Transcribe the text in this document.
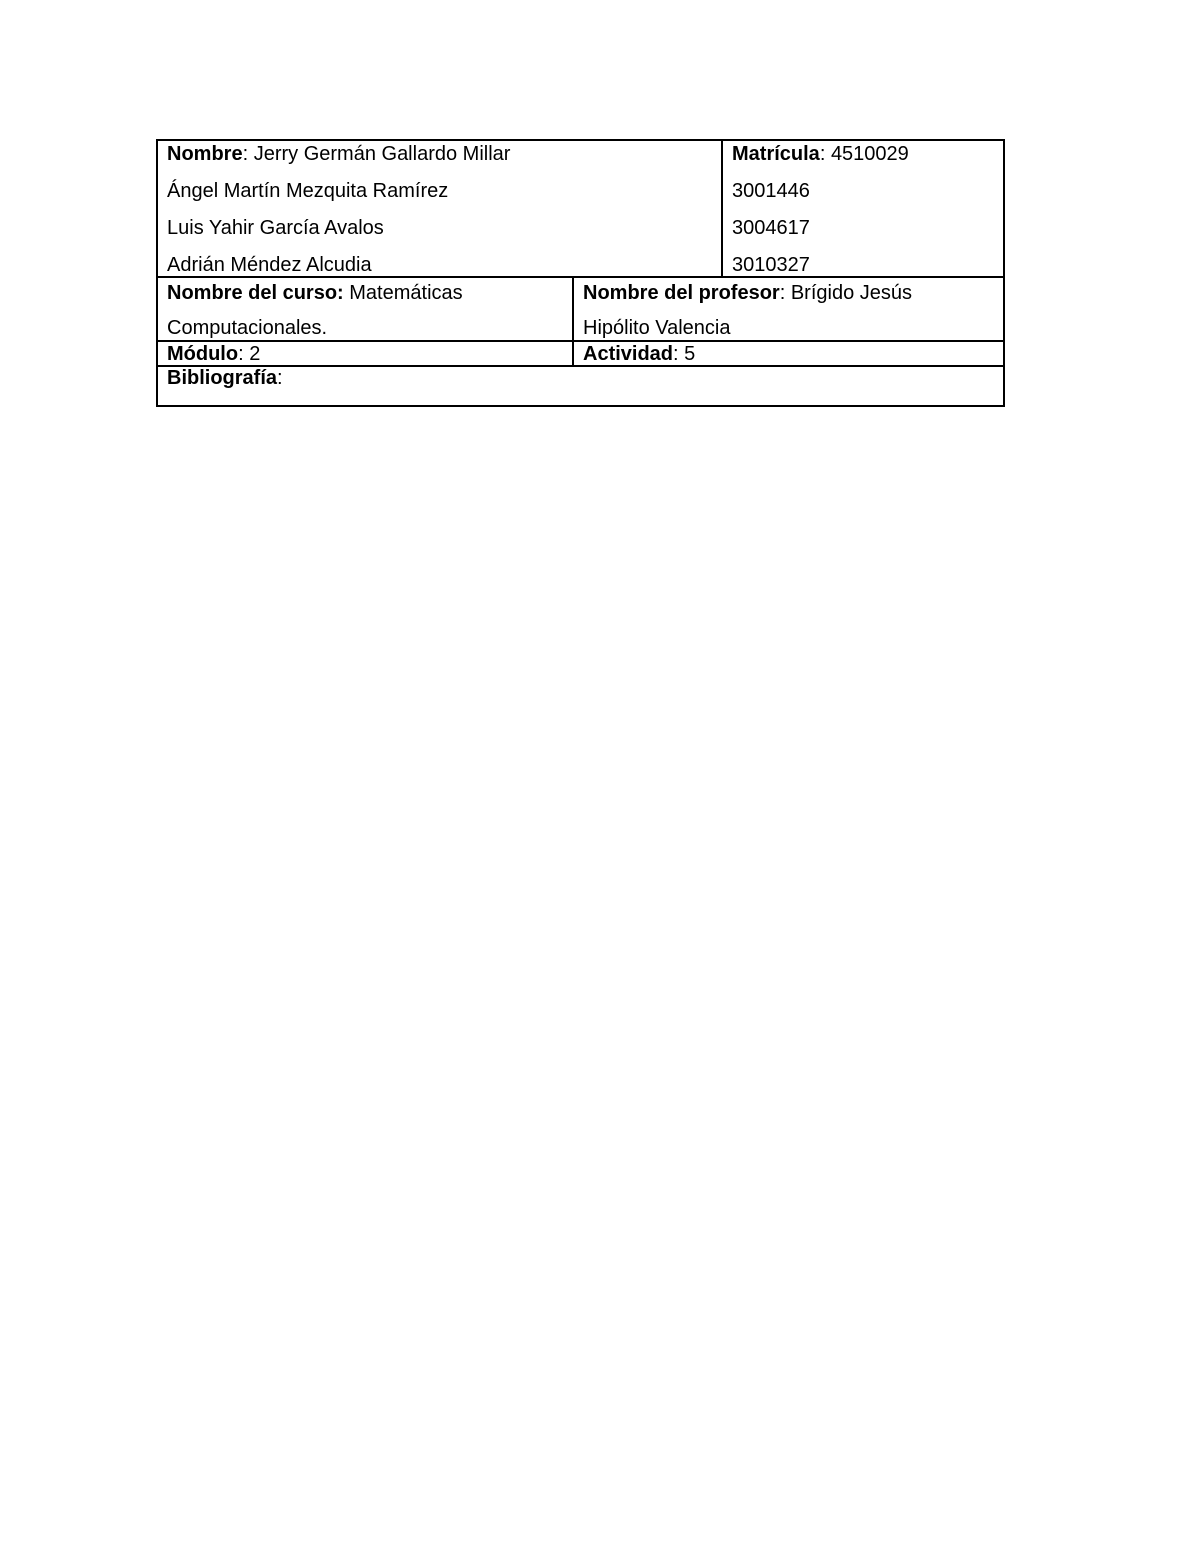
Nombre: Jerry Germán Gallardo Millar
Ángel Martín Mezquita Ramírez
Luis Yahir García Avalos
Adrián Méndez Alcudia
Matrícula: 4510029
3001446
3004617
3010327
Nombre del curso: Matemáticas
Computacionales.
Nombre del profesor: Brígido Jesús
Hipólito Valencia
Módulo: 2	Actividad: 5
Bibliografía:
